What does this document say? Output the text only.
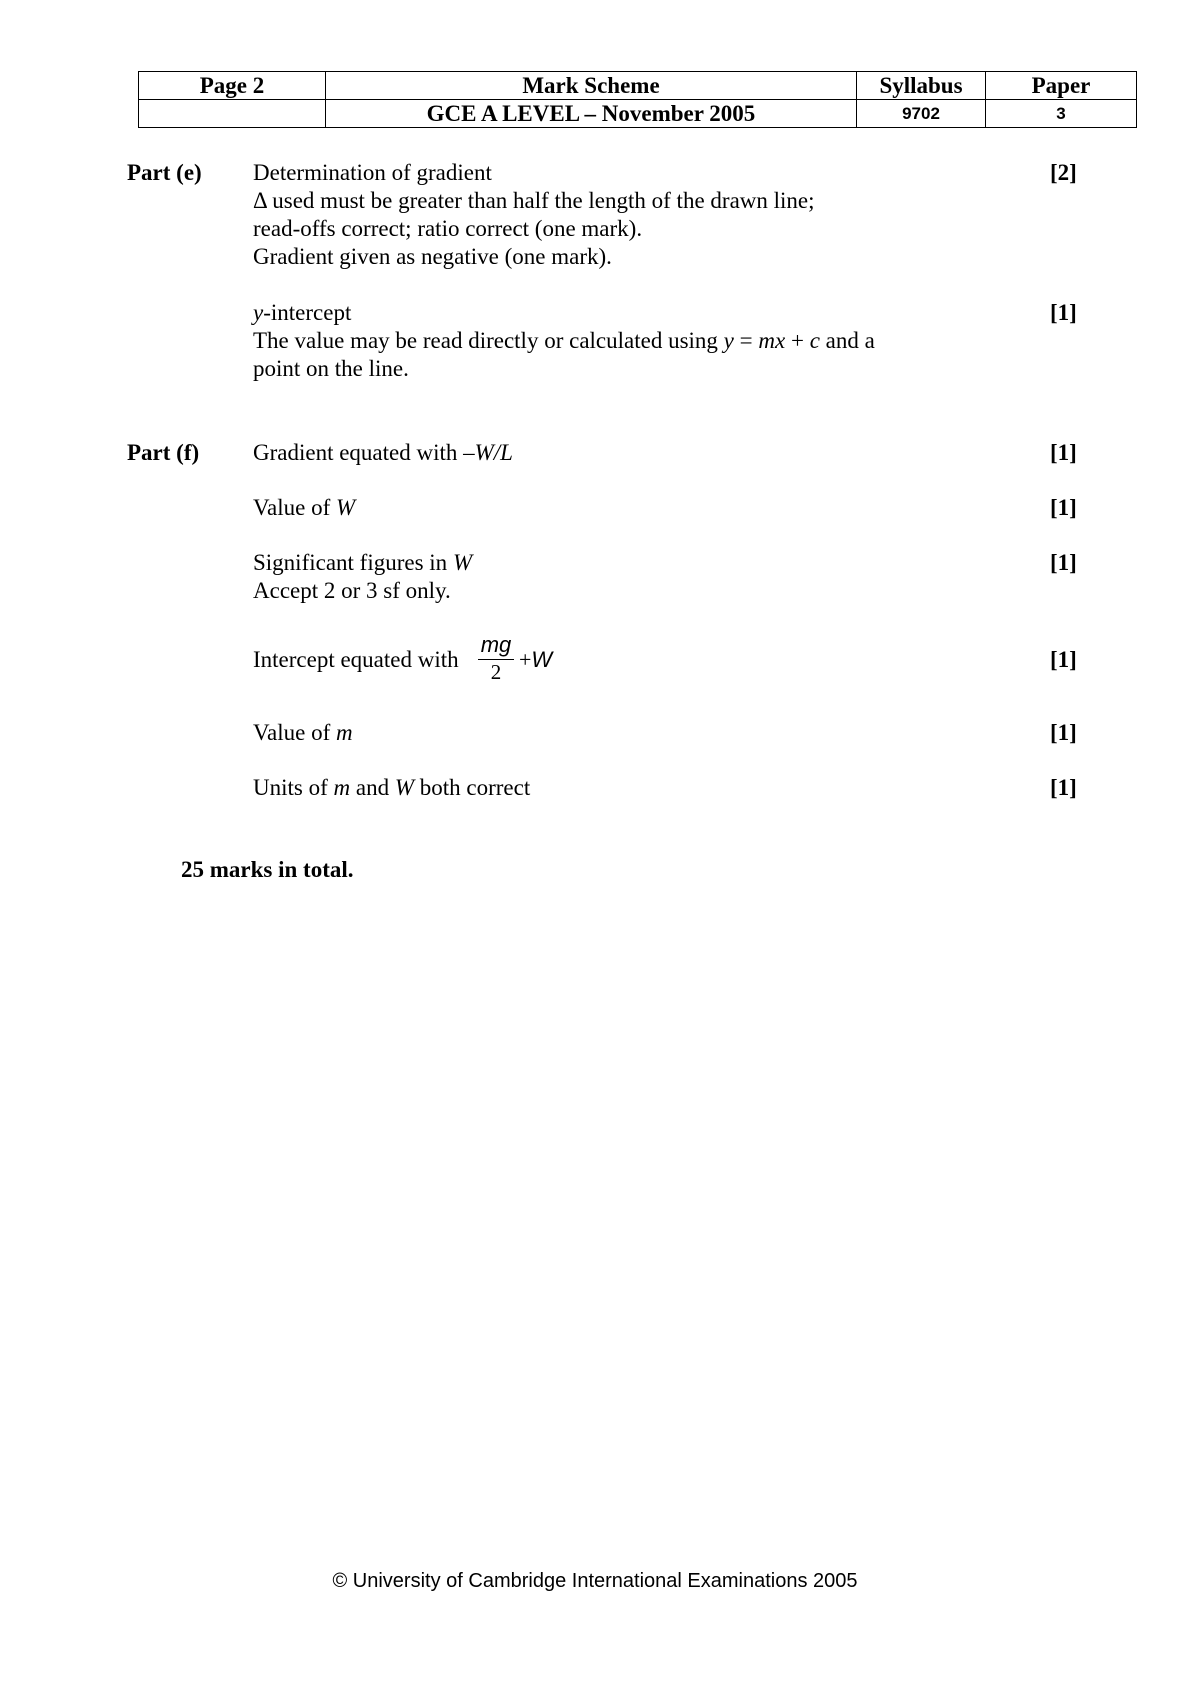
Page 2	Mark Scheme	Syllabus	Paper
	GCE A LEVEL – November 2005	9702	3
Part (e) Determination of gradient	[2]
Δ used must be greater than half the length of the drawn line;
read-offs correct; ratio correct (one mark).
Gradient given as negative (one mark).
y-intercept	[1]
The value may be read directly or calculated using y = mx + c and a
point on the line.
Part (f) Gradient equated with –W/L	[1]
Value of W	[1]
Significant figures in W	[1]
Accept 2 or 3 sf only.
Intercept equated with $\frac{mg}{2} +W$	[1]
Value of m	[1]
Units of m and W both correct	[1]
25 marks in total.
© University of Cambridge International Examinations 2005
